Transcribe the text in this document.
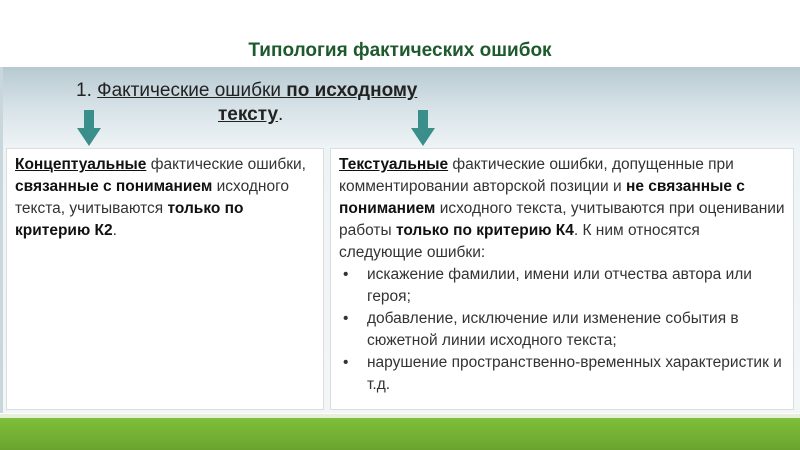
Типология фактических ошибок
1. Фактические ошибки по исходному
тексту.
Концептуальные фактические ошибки, связанные с пониманием исходного текста, учитываются только по критерию К2.
Текстуальные фактические ошибки, допущенные при комментировании авторской позиции и не связанные с пониманием исходного текста, учитываются при оценивании работы только по критерию К4. К ним относятся следующие ошибки:
• искажение фамилии, имени или отчества автора или героя;
• добавление, исключение или изменение события в сюжетной линии исходного текста;
• нарушение пространственно-временных характеристик и т.д.
